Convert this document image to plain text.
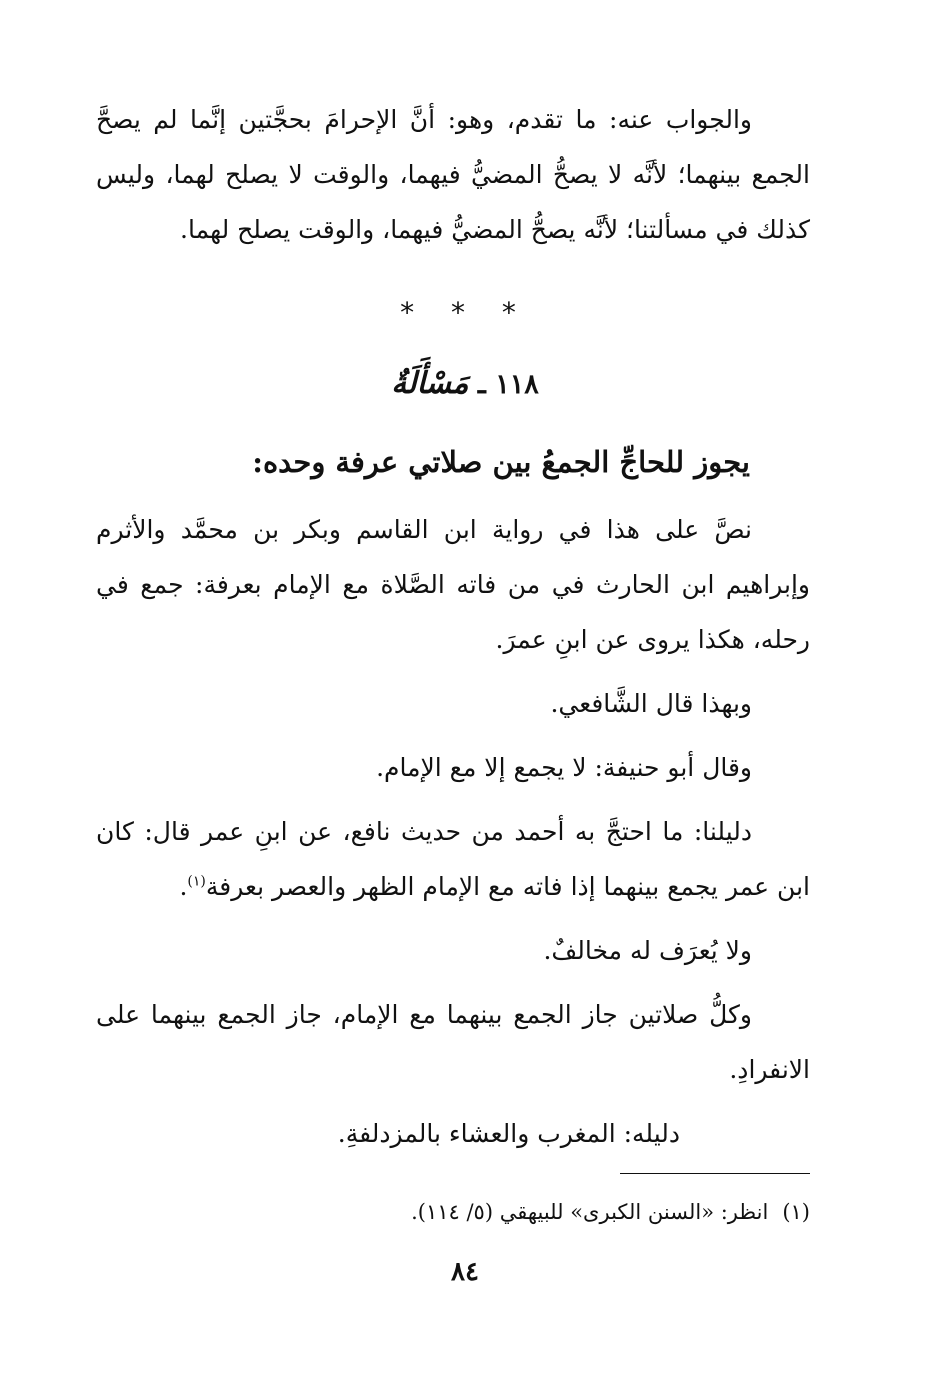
والجواب عنه: ما تقدم، وهو: أنَّ الإحرامَ بحجَّتين إنَّما لم يصحَّ الجمع بينهما؛ لأنَّه لا يصحُّ المضيُّ فيهما، والوقت لا يصلح لهما، وليس كذلك في مسألتنا؛ لأنَّه يصحُّ المضيُّ فيهما، والوقت يصلح لهما.

* * *
١١٨ ـ مَسْأَلَةٌ
يجوز للحاجِّ الجمعُ بين صلاتي عرفة وحده:

نصَّ على هذا في رواية ابن القاسم وبكر بن محمَّد والأثرم وإبراهيم ابن الحارث في من فاته الصَّلاة مع الإمام بعرفة: جمع في رحله، هكذا يروى عن ابنِ عمرَ.

وبهذا قال الشَّافعي.

وقال أبو حنيفة: لا يجمع إلا مع الإمام.

دليلنا: ما احتجَّ به أحمد من حديث نافع، عن ابنِ عمر قال: كان ابن عمر يجمع بينهما إذا فاته مع الإمام الظهر والعصر بعرفة$^{(١)}$.

ولا يُعرَف له مخالفٌ.

وكلُّ صلاتين جاز الجمع بينهما مع الإمام، جاز الجمع بينهما على الانفرادِ.

دليله: المغرب والعشاء بالمزدلفةِ.

(١)انظر: «السنن الكبرى» للبيهقي (٥/ ١١٤).
٨٤
